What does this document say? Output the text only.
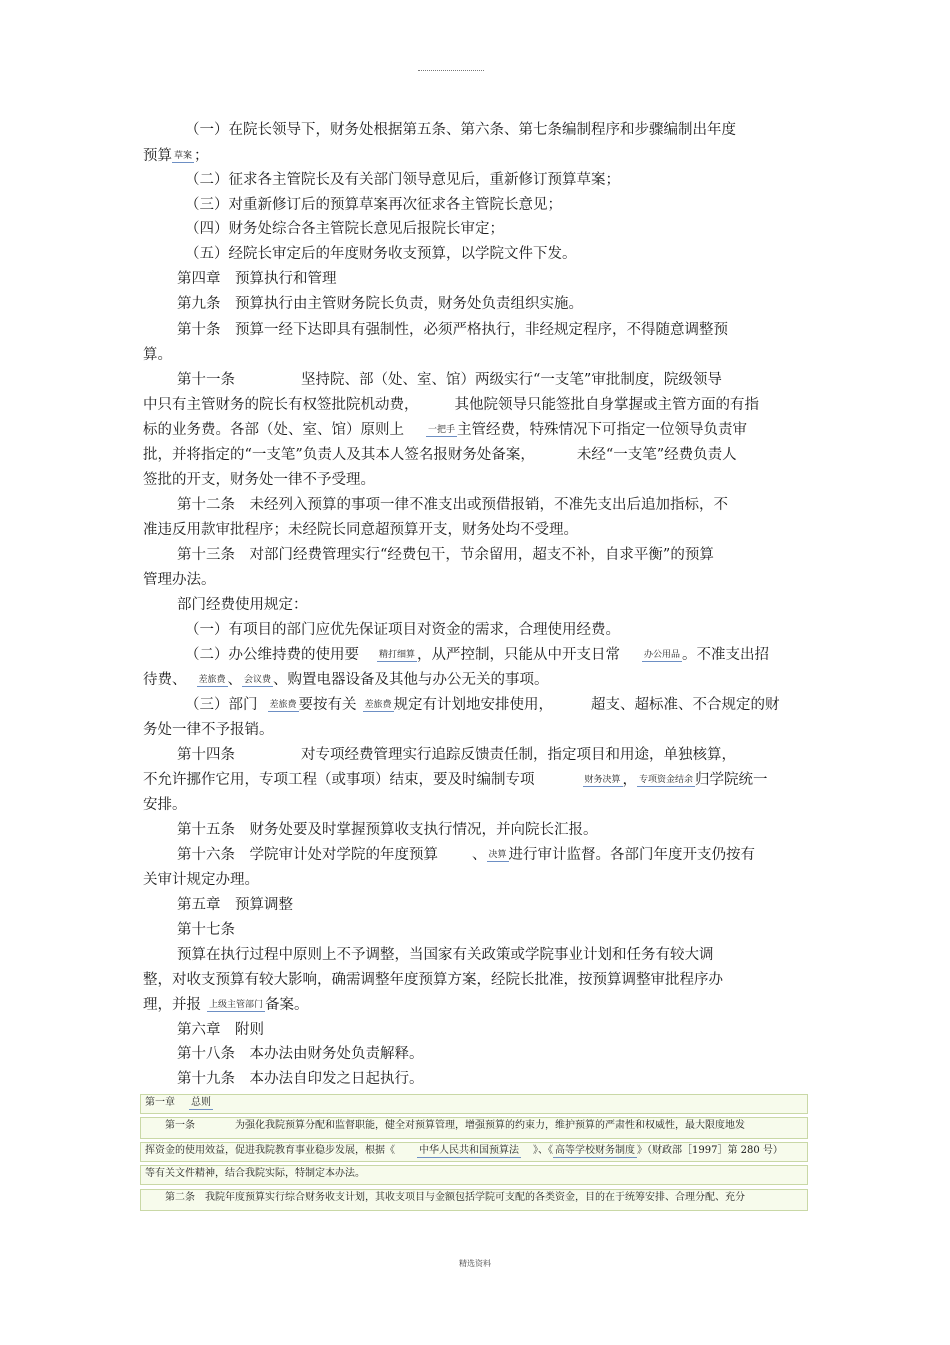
（一）在院长领导下，财务处根据第五条、第六条、第七条编制程序和步骤编制出年度
预算 草案 ；
（二）征求各主管院长及有关部门领导意见后，重新修订预算草案；
（三）对重新修订后的预算草案再次征求各主管院长意见；
（四）财务处综合各主管院长意见后报院长审定；
（五）经院长审定后的年度财务收支预算，以学院文件下发。
第四章　预算执行和管理
第九条　预算执行由主管财务院长负责，财务处负责组织实施。
第十条　预算一经下达即具有强制性，必须严格执行，非经规定程序，不得随意调整预
算。
第十一条	坚持院、部（处、室、馆）两级实行“一支笔”审批制度，院级领导
中只有主管财务的院长有权签批院机动费， 其他院领导只能签批自身掌握或主管方面的有指
标的业务费。各部（处、室、馆）原则上	一把手 主管经费，特殊情况下可指定一位领导负责审
批，并将指定的“一支笔”负责人及其本人签名报财务处备案，	未经“一支笔”经费负责人
签批的开支，财务处一律不予受理。
第十二条　未经列入预算的事项一律不准支出或预借报销，不准先支出后追加指标，不
准违反用款审批程序；未经院长同意超预算开支，财务处均不受理。
第十三条　对部门经费管理实行“经费包干，节余留用，超支不补，自求平衡”的预算
管理办法。
部门经费使用规定：
（一）有项目的部门应优先保证项目对资金的需求，合理使用经费。
（二）办公维持费的使用要 精打细算 ，从严控制，只能从中开支日常	办公用品 。不准支出招
待费、 差旅费 、 会议费 、购置电器设备及其他与办公无关的事项。
（三）部门 差旅费 要按有关 差旅费 规定有计划地安排使用，	超支、超标准、不合规定的财
务处一律不予报销。
第十四条	对专项经费管理实行追踪反馈责任制，指定项目和用途，单独核算，
不允许挪作它用，专项工程（或事项）结束，要及时编制专项	财务决算 ， 专项资金结余 归学院统一
安排。
第十五条　财务处要及时掌握预算收支执行情况，并向院长汇报。
第十六条　学院审计处对学院的年度预算 、 决算 进行审计监督。各部门年度开支仍按有
关审计规定办理。
第五章　预算调整
第十七条
预算在执行过程中原则上不予调整，当国家有关政策或学院事业计划和任务有较大调
整，对收支预算有较大影响，确需调整年度预算方案，经院长批准，按预算调整审批程序办
理，并报 上级主管部门 备案。
第六章　附则
第十八条　本办法由财务处负责解释。
第十九条　本办法自印发之日起执行。
第一章 总则
第一条	为强化我院预算分配和监督职能，健全对预算管理，增强预算的约束力，维护预算的严肃性和权威性，最大限度地发
挥资金的使用效益，促进我院教育事业稳步发展，根据《 中华人民共和国预算法 》、《 高等学校财务制度 》（财政部［1997］第 280 号）
等有关文件精神，结合我院实际，特制定本办法。
第二条　我院年度预算实行综合财务收支计划，其收支项目与金额包括学院可支配的各类资金，目的在于统筹安排、合理分配、充分
精选资料
